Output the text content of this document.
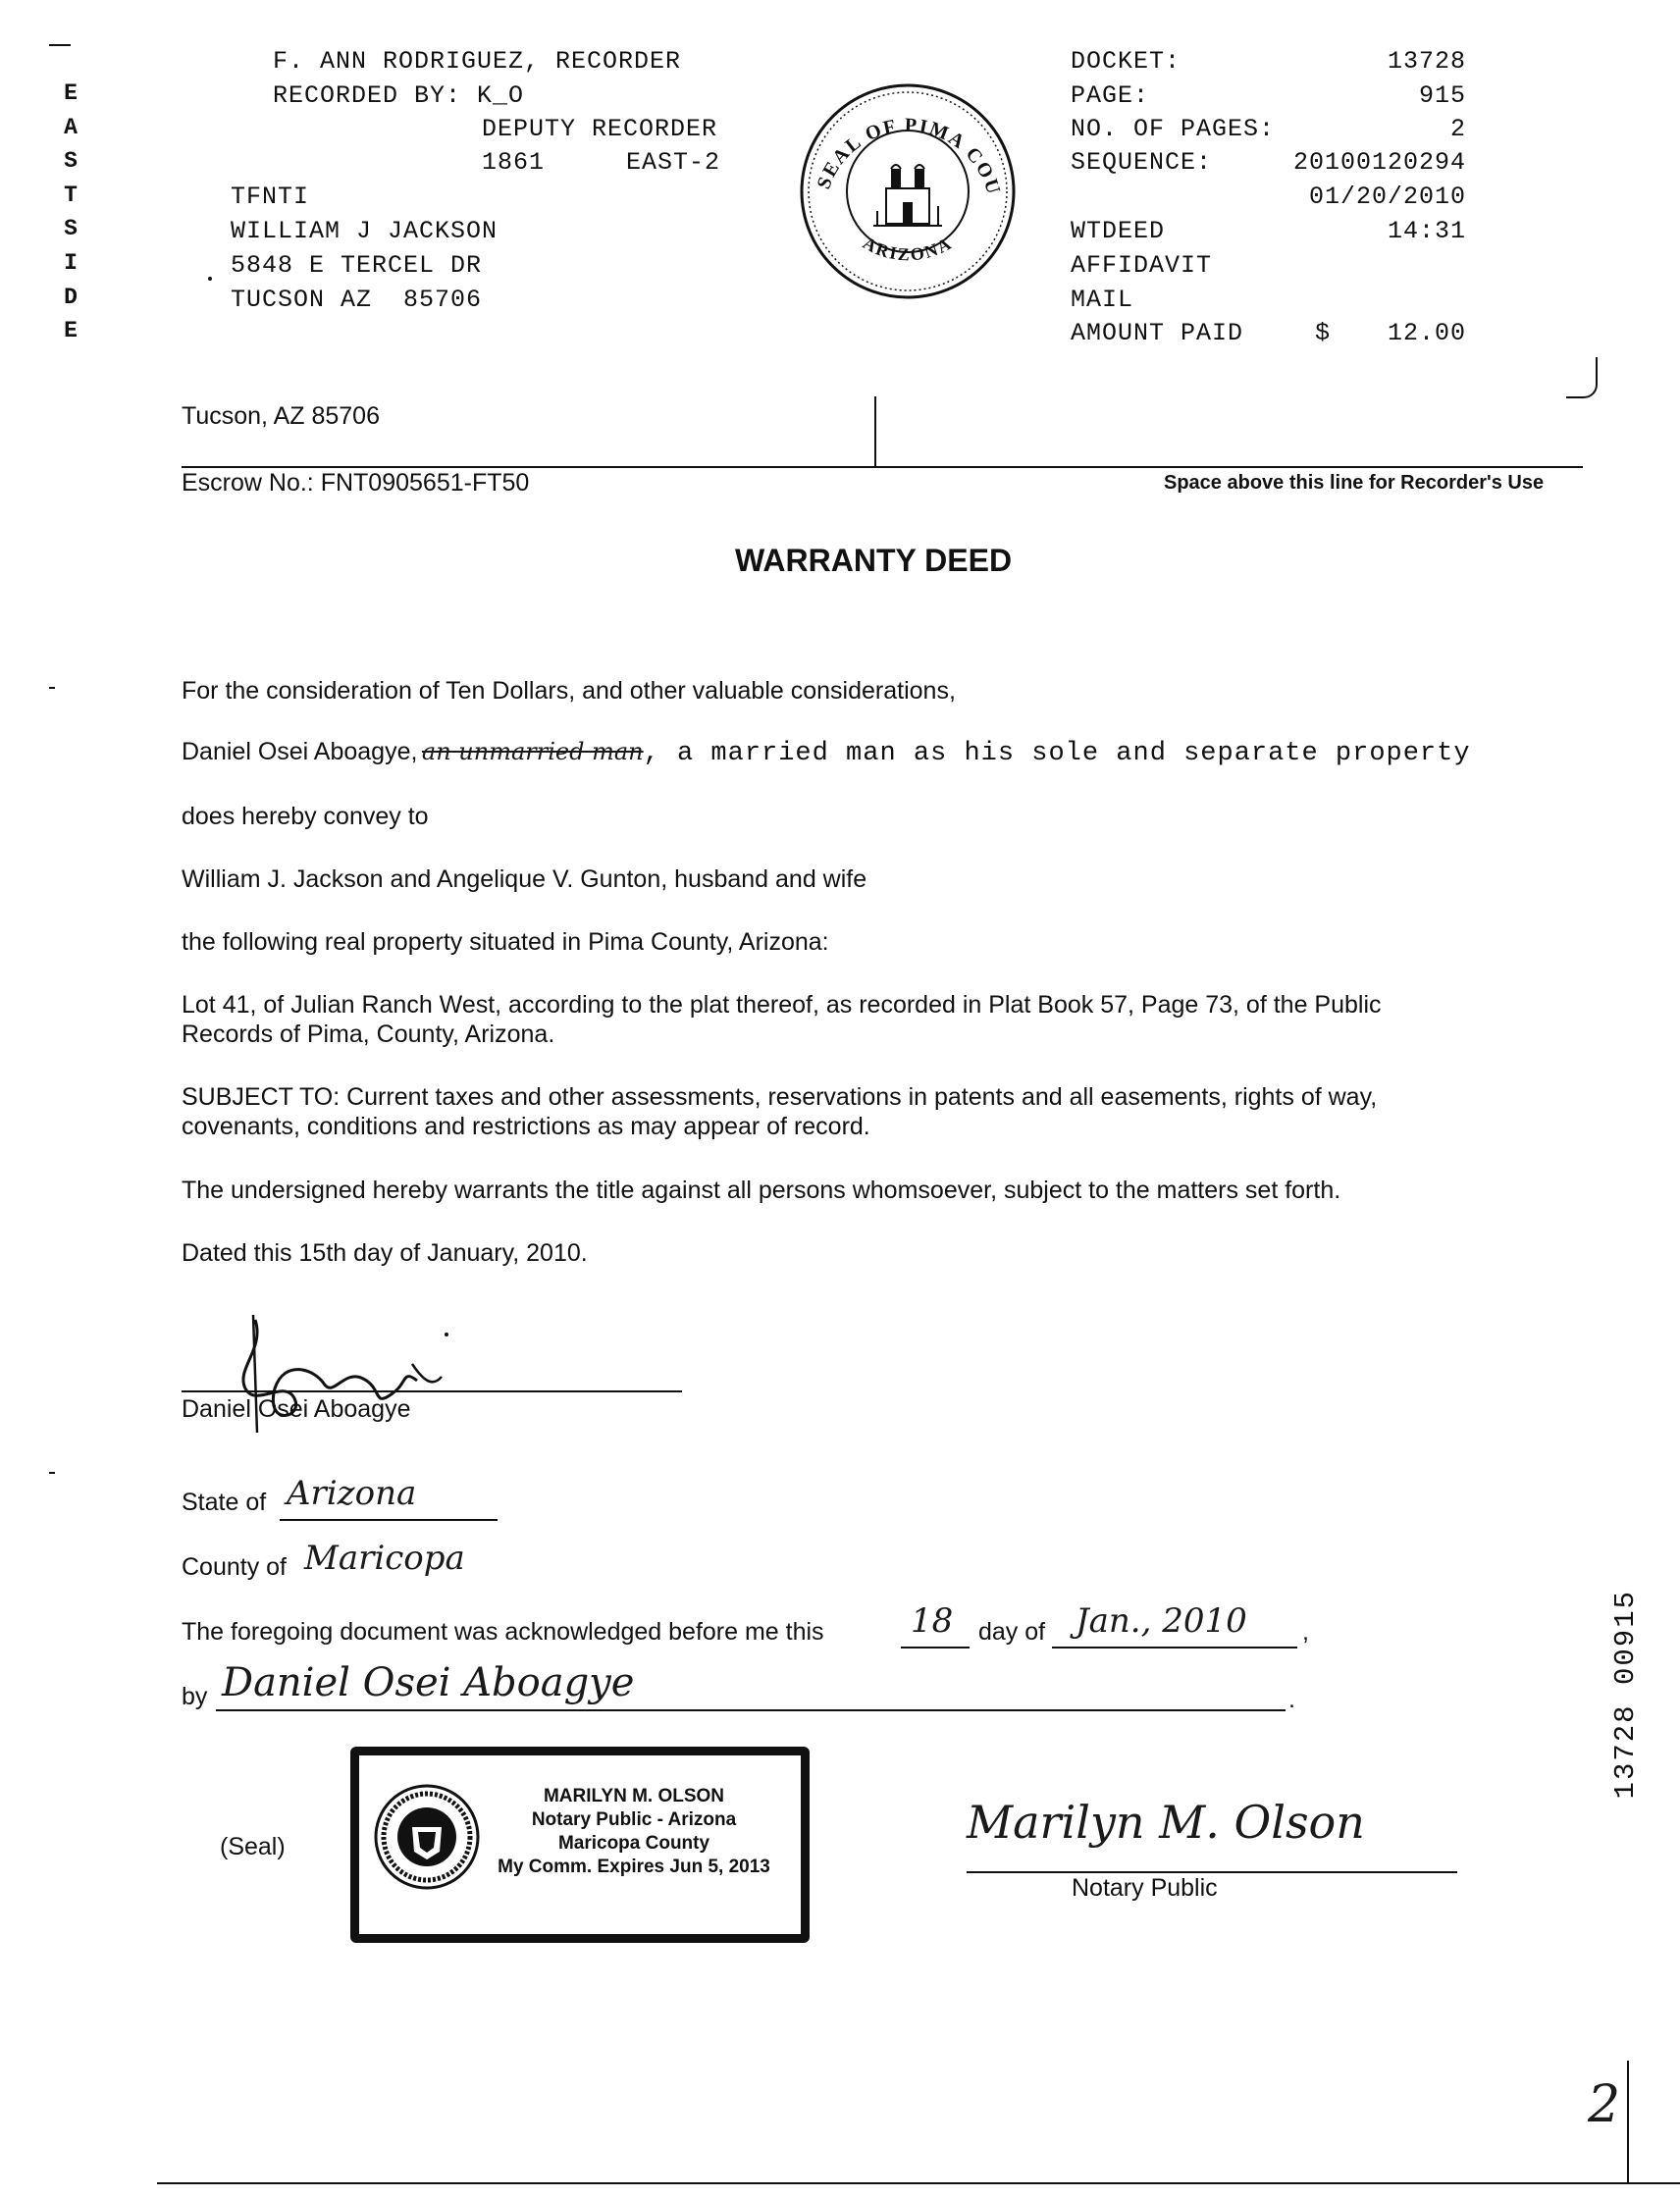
E
A
S
T
S
I
D
E
F. ANN RODRIGUEZ, RECORDER
RECORDED BY: K_O
DEPUTY RECORDER
1861	EAST-2
TFNTI
WILLIAM J JACKSON
5848 E TERCEL DR
TUCSON AZ  85706
SEAL OF PIMA COU
ARIZONA
DOCKET:	13728
PAGE:	915
NO. OF PAGES:	2
SEQUENCE:	20100120294
01/20/2010
WTDEED	14:31
AFFIDAVIT
MAIL
AMOUNT PAID	$	12.00
Tucson, AZ 85706
Escrow No.: FNT0905651-FT50	Space above this line for Recorder's Use
WARRANTY DEED
For the consideration of Ten Dollars, and other valuable considerations,
Daniel Osei Aboagye, an unmarried man, a married man as his sole and separate property
does hereby convey to
William J. Jackson and Angelique V. Gunton, husband and wife
the following real property situated in Pima County, Arizona:
Lot 41, of Julian Ranch West, according to the plat thereof, as recorded in Plat Book 57, Page 73, of the Public
Records of Pima, County, Arizona.
SUBJECT TO: Current taxes and other assessments, reservations in patents and all easements, rights of way,
covenants, conditions and restrictions as may appear of record.
The undersigned hereby warrants the title against all persons whomsoever, subject to the matters set forth.
Dated this 15th day of January, 2010.
Daniel Osei Aboagye
State of Arizona
County of Maricopa
The foregoing document was acknowledged before me this	18 day of Jan., 2010 ,
by Daniel Osei Aboagye	.
(Seal)
MARILYN M. OLSON
Notary Public - Arizona
Maricopa County
My Comm. Expires Jun 5, 2013
Marilyn M. Olson
Notary Public
13728 00915
2
